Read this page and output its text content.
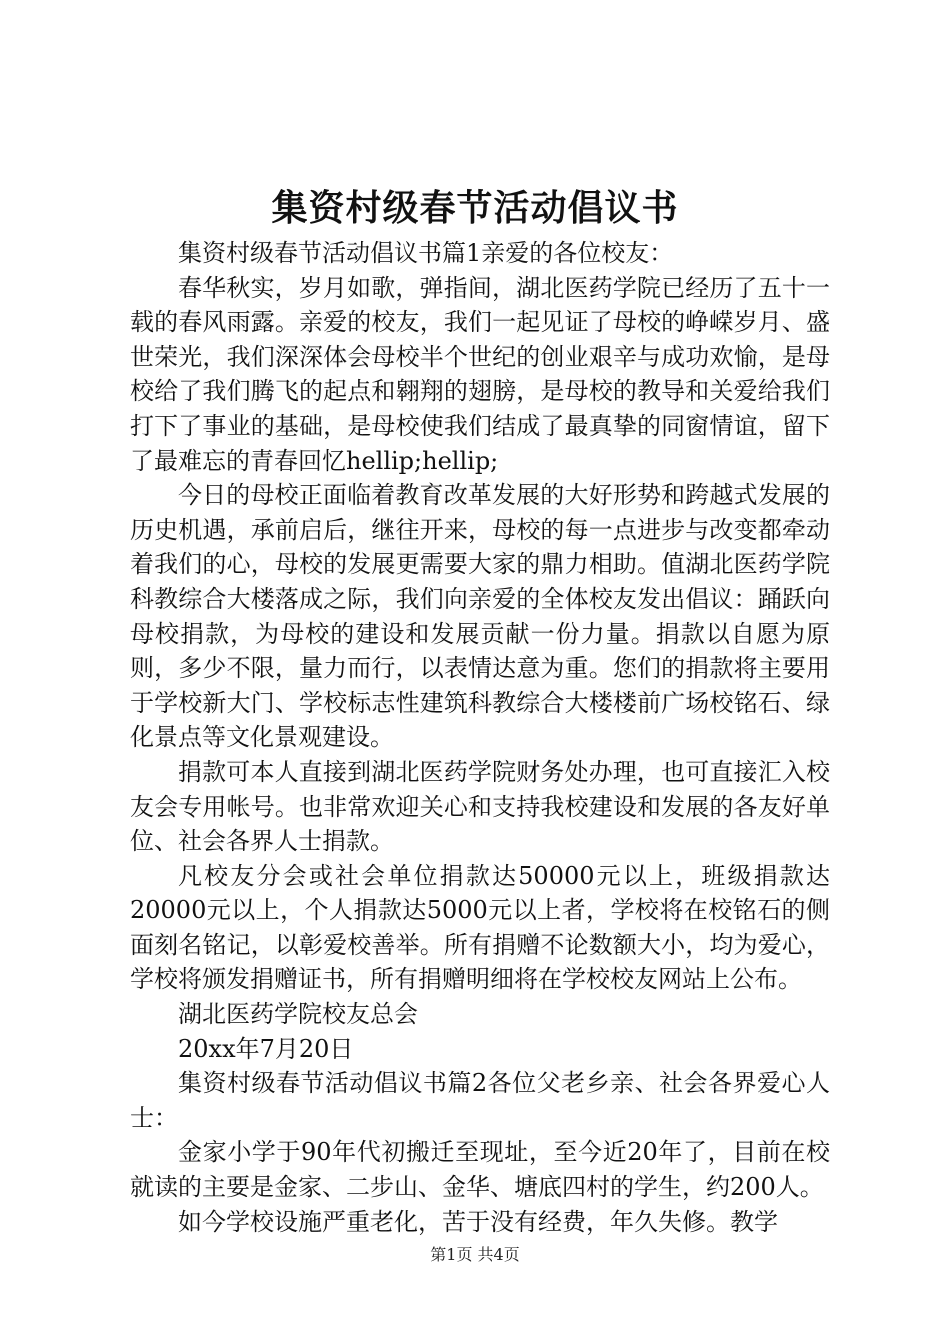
集资村级春节活动倡议书

集资村级春节活动倡议书篇1亲爱的各位校友：

春华秋实，岁月如歌，弹指间，湖北医药学院已经历了五十一载的春风雨露。亲爱的校友，我们一起见证了母校的峥嵘岁月、盛世荣光，我们深深体会母校半个世纪的创业艰辛与成功欢愉，是母校给了我们腾飞的起点和翱翔的翅膀，是母校的教导和关爱给我们打下了事业的基础，是母校使我们结成了最真挚的同窗情谊，留下了最难忘的青春回忆hellip;hellip;

今日的母校正面临着教育改革发展的大好形势和跨越式发展的历史机遇，承前启后，继往开来，母校的每一点进步与改变都牵动着我们的心，母校的发展更需要大家的鼎力相助。值湖北医药学院科教综合大楼落成之际，我们向亲爱的全体校友发出倡议：踊跃向母校捐款，为母校的建设和发展贡献一份力量。捐款以自愿为原则，多少不限，量力而行，以表情达意为重。您们的捐款将主要用于学校新大门、学校标志性建筑科教综合大楼楼前广场校铭石、绿化景点等文化景观建设。

捐款可本人直接到湖北医药学院财务处办理，也可直接汇入校友会专用帐号。也非常欢迎关心和支持我校建设和发展的各友好单位、社会各界人士捐款。

凡校友分会或社会单位捐款达50000元以上，班级捐款达20000元以上，个人捐款达5000元以上者，学校将在校铭石的侧面刻名铭记，以彰爱校善举。所有捐赠不论数额大小，均为爱心，学校将颁发捐赠证书，所有捐赠明细将在学校校友网站上公布。

湖北医药学院校友总会

20xx年7月20日

集资村级春节活动倡议书篇2各位父老乡亲、社会各界爱心人士：

金家小学于90年代初搬迁至现址，至今近20年了，目前在校就读的主要是金家、二步山、金华、塘底四村的学生，约200人。

如今学校设施严重老化，苦于没有经费，年久失修。教学

第1页 共4页
